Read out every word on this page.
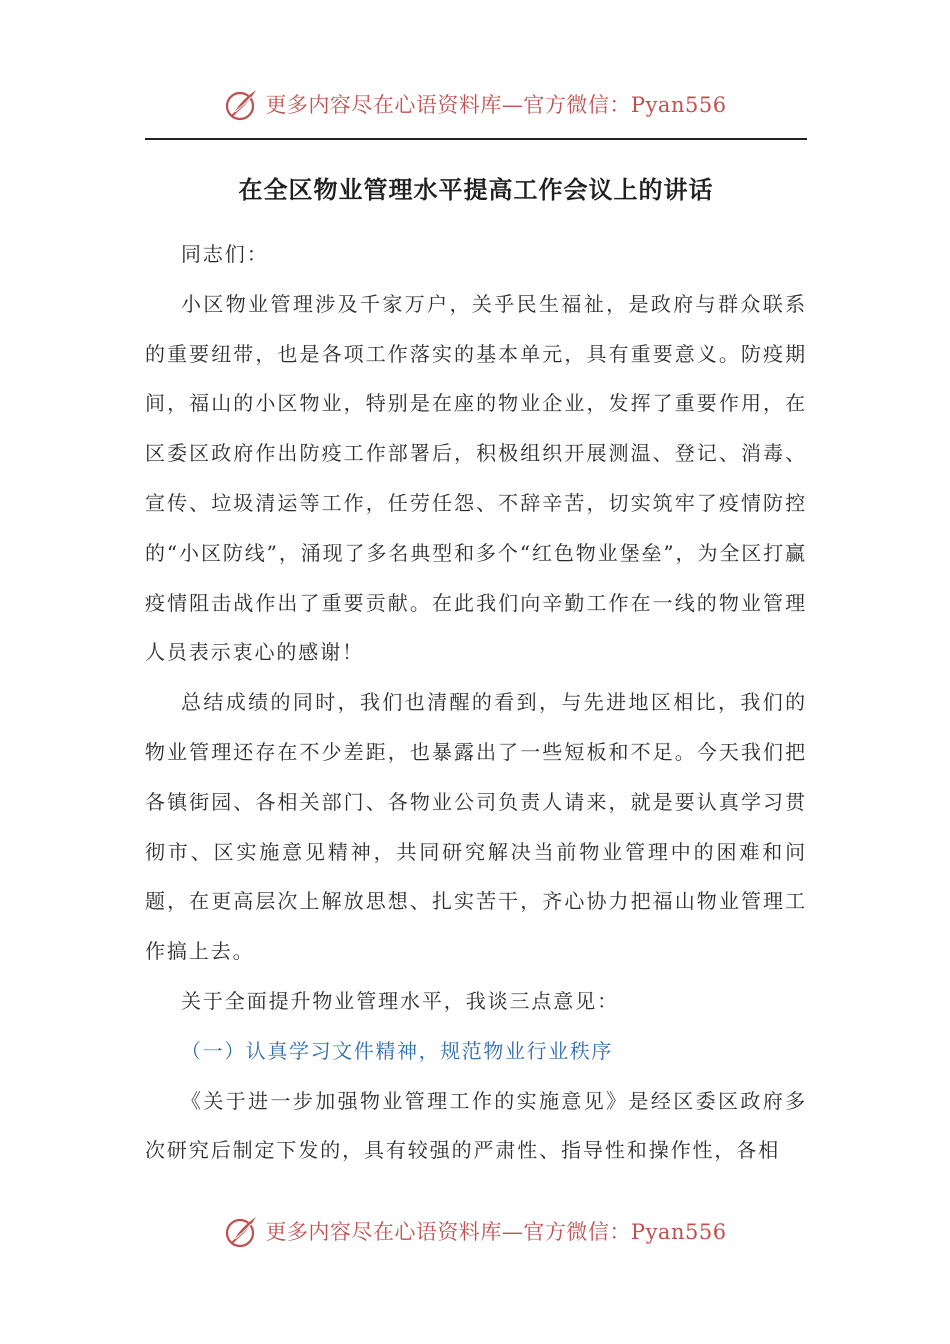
更多内容尽在心语资料库—官方微信：Pyan556
在全区物业管理水平提高工作会议上的讲话

同志们：

小区物业管理涉及千家万户，关乎民生福祉，是政府与群众联系的重要纽带，也是各项工作落实的基本单元，具有重要意义。防疫期间，福山的小区物业，特别是在座的物业企业，发挥了重要作用，在区委区政府作出防疫工作部署后，积极组织开展测温、登记、消毒、宣传、垃圾清运等工作，任劳任怨、不辞辛苦，切实筑牢了疫情防控的“小区防线”，涌现了多名典型和多个“红色物业堡垒”，为全区打赢疫情阻击战作出了重要贡献。在此我们向辛勤工作在一线的物业管理人员表示衷心的感谢！

总结成绩的同时，我们也清醒的看到，与先进地区相比，我们的物业管理还存在不少差距，也暴露出了一些短板和不足。今天我们把各镇街园、各相关部门、各物业公司负责人请来，就是要认真学习贯彻市、区实施意见精神，共同研究解决当前物业管理中的困难和问题，在更高层次上解放思想、扎实苦干，齐心协力把福山物业管理工作搞上去。

关于全面提升物业管理水平，我谈三点意见：

（一）认真学习文件精神，规范物业行业秩序

《关于进一步加强物业管理工作的实施意见》是经区委区政府多次研究后制定下发的，具有较强的严肃性、指导性和操作性，各相

更多内容尽在心语资料库—官方微信：Pyan556
